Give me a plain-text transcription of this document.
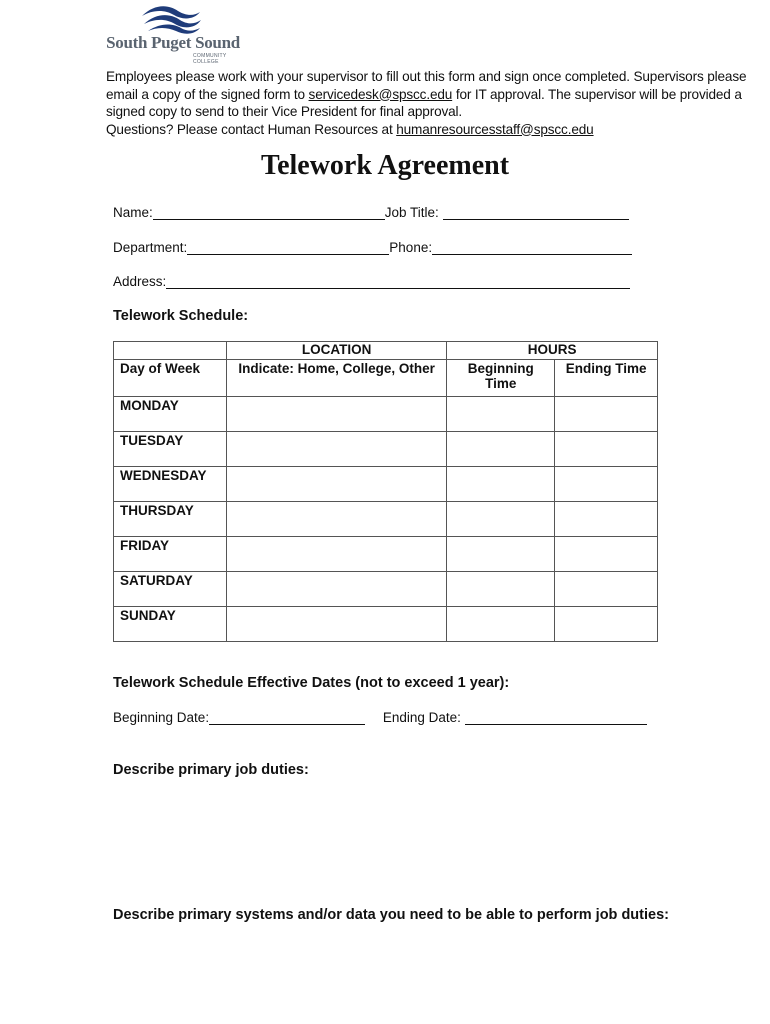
South Puget Sound
COMMUNITY COLLEGE
Employees please work with your supervisor to fill out this form and sign once completed. Supervisors please email a copy of the signed form to servicedesk@spscc.edu for IT approval. The supervisor will be provided a signed copy to send to their Vice President for final approval.
Questions? Please contact Human Resources at humanresourcesstaff@spscc.edu
Telework Agreement
Name:	Job Title:
Department:	Phone:
Address:
Telework Schedule:
	LOCATION	HOURS	
Day of Week	Indicate: Home, College, Other	Beginning Time	Ending Time
MONDAY			
TUESDAY			
WEDNESDAY			
THURSDAY			
FRIDAY			
SATURDAY			
SUNDAY			
Telework Schedule Effective Dates (not to exceed 1 year):
Beginning Date:	Ending Date:
Describe primary job duties:
Describe primary systems and/or data you need to be able to perform job duties:
